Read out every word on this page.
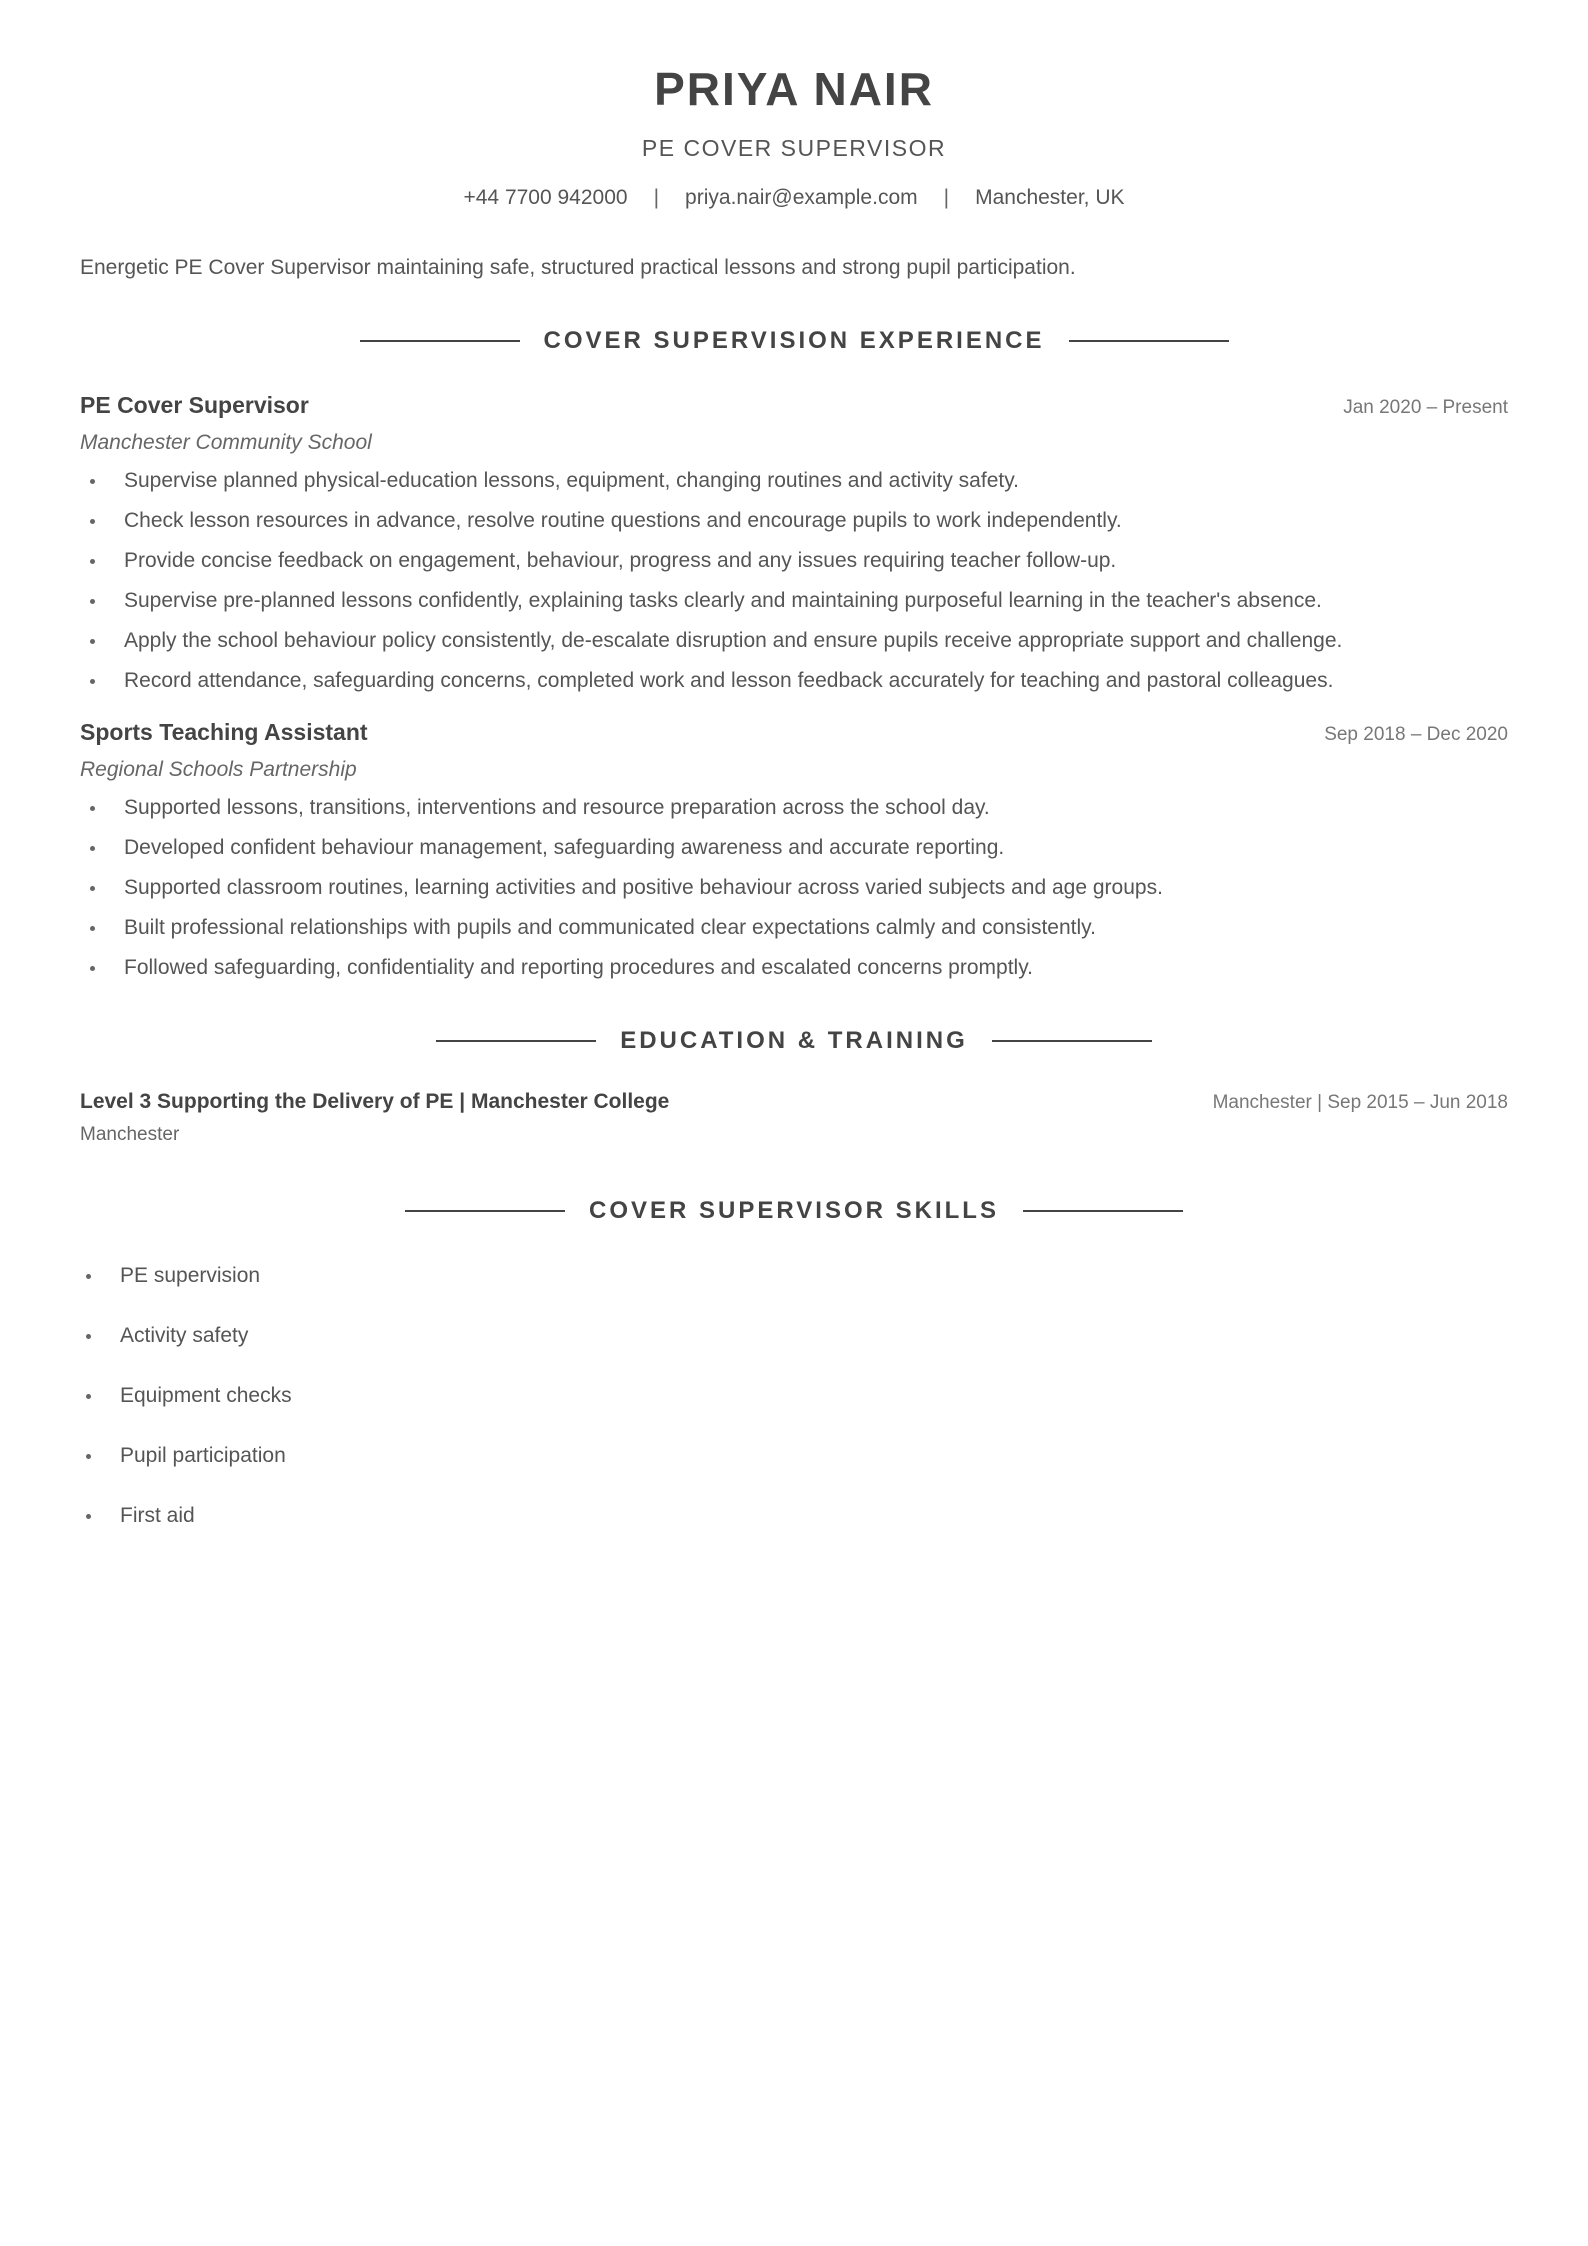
PRIYA NAIR
PE COVER SUPERVISOR
+44 7700 942000 | priya.nair@example.com | Manchester, UK

Energetic PE Cover Supervisor maintaining safe, structured practical lessons and strong pupil participation.

COVER SUPERVISION EXPERIENCE
PE Cover Supervisor	Jan 2020 – Present
Manchester Community School
Supervise planned physical-education lessons, equipment, changing routines and activity safety.
Check lesson resources in advance, resolve routine questions and encourage pupils to work independently.
Provide concise feedback on engagement, behaviour, progress and any issues requiring teacher follow-up.
Supervise pre-planned lessons confidently, explaining tasks clearly and maintaining purposeful learning in the teacher's absence.
Apply the school behaviour policy consistently, de-escalate disruption and ensure pupils receive appropriate support and challenge.
Record attendance, safeguarding concerns, completed work and lesson feedback accurately for teaching and pastoral colleagues.
Sports Teaching Assistant	Sep 2018 – Dec 2020
Regional Schools Partnership
Supported lessons, transitions, interventions and resource preparation across the school day.
Developed confident behaviour management, safeguarding awareness and accurate reporting.
Supported classroom routines, learning activities and positive behaviour across varied subjects and age groups.
Built professional relationships with pupils and communicated clear expectations calmly and consistently.
Followed safeguarding, confidentiality and reporting procedures and escalated concerns promptly.
EDUCATION & TRAINING
Level 3 Supporting the Delivery of PE | Manchester College	Manchester | Sep 2015 – Jun 2018
Manchester
COVER SUPERVISOR SKILLS
PE supervision
Activity safety
Equipment checks
Pupil participation
First aid
